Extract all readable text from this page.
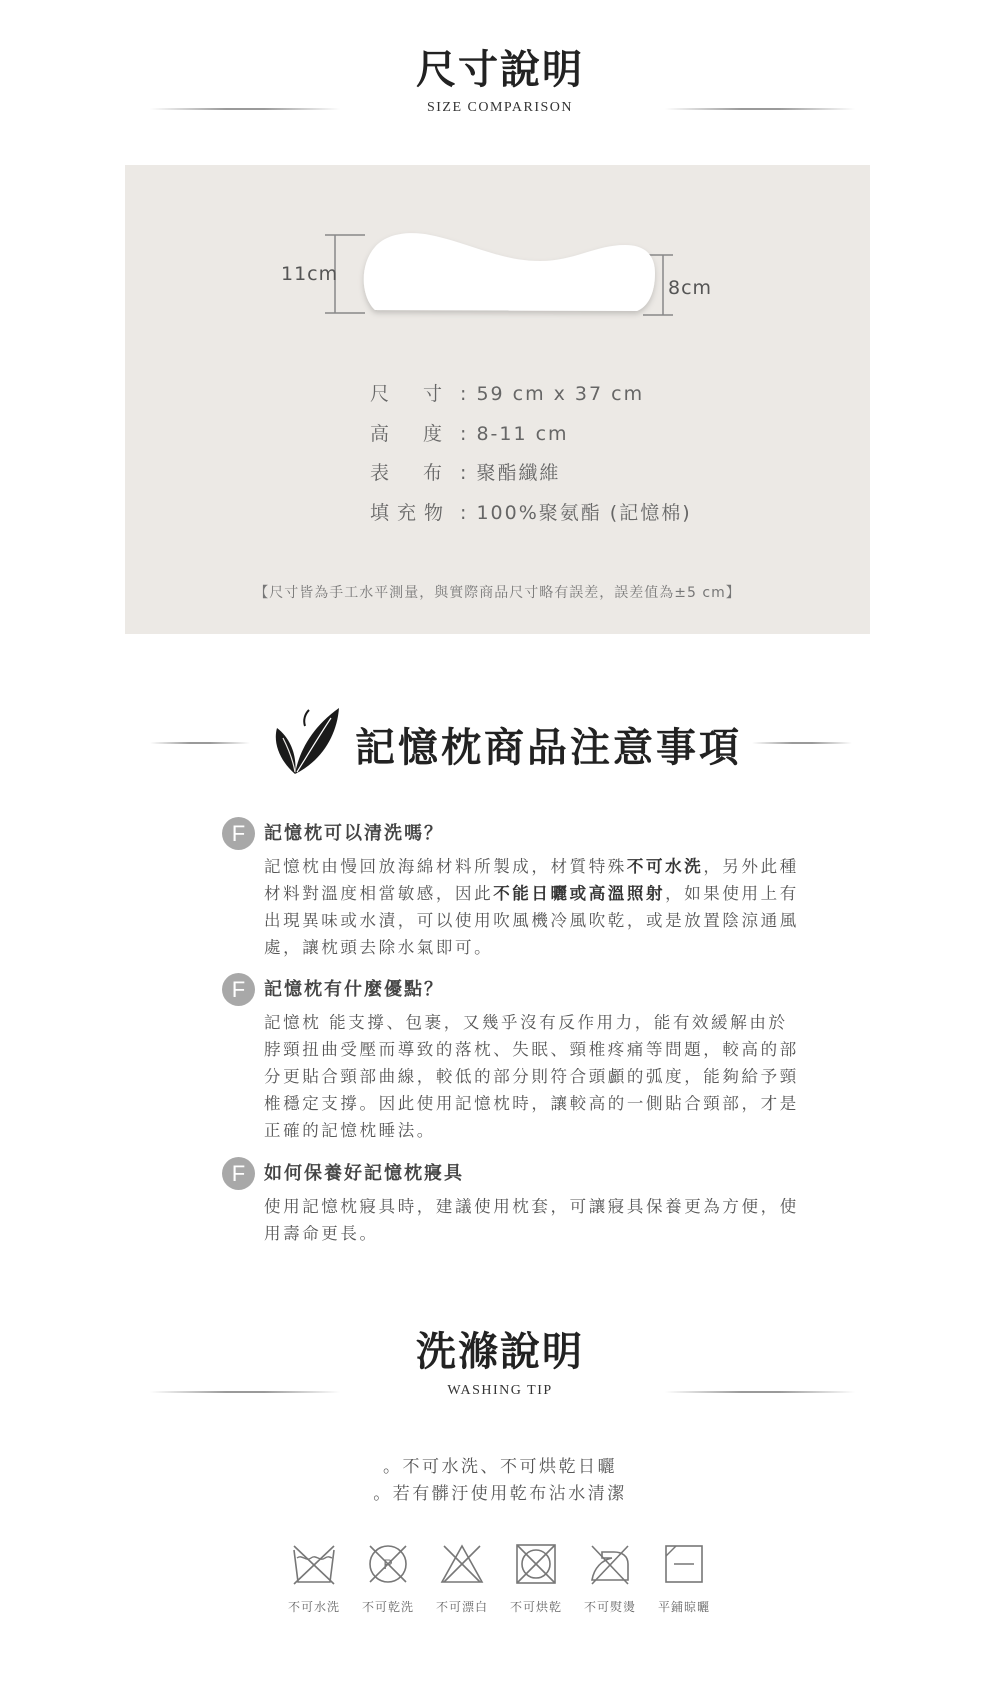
尺寸說明
SIZE COMPARISON
11cm
8cm
尺 寸 : 59 cm x 37 cm
高 度 : 8-11 cm
表 布 : 聚酯纖維
填 充 物 : 100%聚氨酯 (記憶棉)
【尺寸皆為手工水平測量，與實際商品尺寸略有誤差，誤差值為±5 cm】
記憶枕商品注意事項
F	記憶枕可以清洗嗎？
記憶枕由慢回放海綿材料所製成，材質特殊不可水洗，另外此種材料對溫度相當敏感，因此不能日曬或高溫照射，如果使用上有出現異味或水漬，可以使用吹風機冷風吹乾，或是放置陰涼通風處，讓枕頭去除水氣即可。
F	記憶枕有什麼優點？
記憶枕 能支撐、包裹，又幾乎沒有反作用力，能有效緩解由於脖頸扭曲受壓而導致的落枕、失眠、頸椎疼痛等問題，較高的部分更貼合頸部曲線，較低的部分則符合頭顱的弧度，能夠給予頸椎穩定支撐。因此使用記憶枕時，讓較高的一側貼合頸部，才是正確的記憶枕睡法。
F	如何保養好記憶枕寢具
使用記憶枕寢具時，建議使用枕套，可讓寢具保養更為方便，使用壽命更長。
洗滌說明
WASHING TIP
。不可水洗、不可烘乾日曬
。若有髒汙使用乾布沾水清潔
P
不可水洗	不可乾洗	不可漂白	不可烘乾	不可熨燙	平鋪晾曬
